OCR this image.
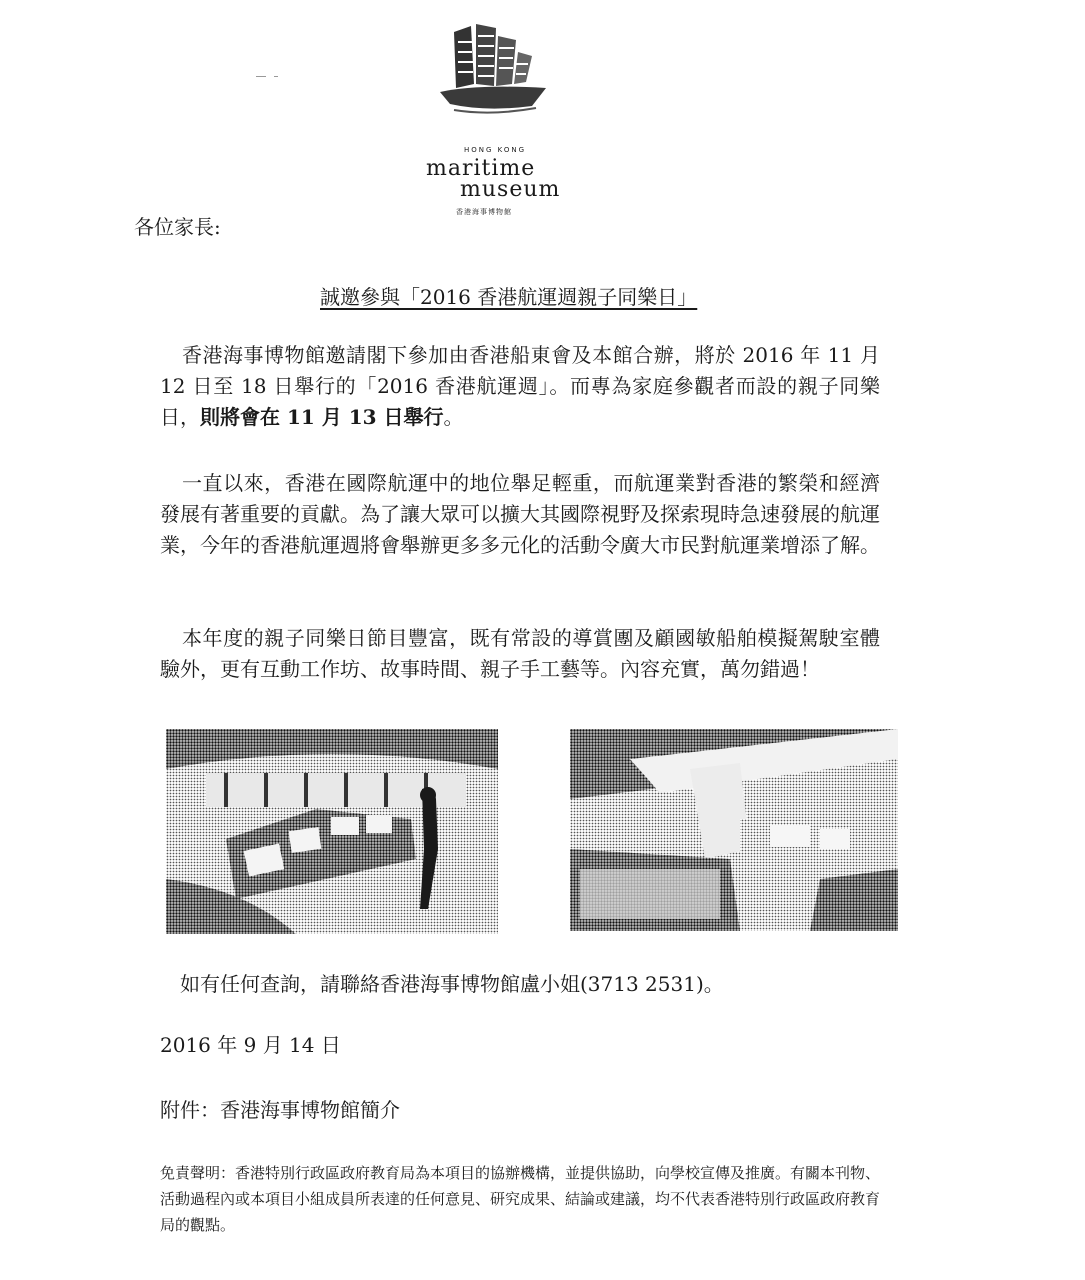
HONG KONG
maritime
museum
香港海事博物館
各位家長:
誠邀參與「2016 香港航運週親子同樂日」
香港海事博物館邀請閣下參加由香港船東會及本館合辦，將於 2016 年 11 月 12 日至 18 日舉行的「2016 香港航運週」。而專為家庭參觀者而設的親子同樂日，則將會在 11 月 13 日舉行。
一直以來，香港在國際航運中的地位舉足輕重，而航運業對香港的繁榮和經濟發展有著重要的貢獻。為了讓大眾可以擴大其國際視野及探索現時急速發展的航運業，今年的香港航運週將會舉辦更多多元化的活動令廣大市民對航運業增添了解。
本年度的親子同樂日節目豐富，既有常設的導賞團及顧國敏船舶模擬駕駛室體驗外，更有互動工作坊、故事時間、親子手工藝等。內容充實，萬勿錯過！
如有任何查詢，請聯絡香港海事博物館盧小姐(3713 2531)。
2016 年 9 月 14 日
附件：香港海事博物館簡介
免責聲明：香港特別行政區政府教育局為本項目的協辦機構，並提供協助，向學校宣傳及推廣。有關本刊物、活動過程內或本項目小組成員所表達的任何意見、研究成果、結論或建議，均不代表香港特別行政區政府教育局的觀點。
